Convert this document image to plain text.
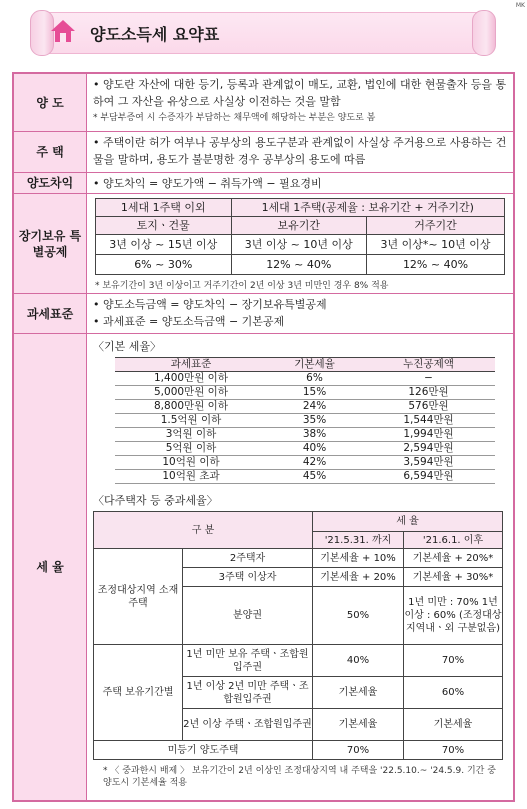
양도소득세 요약표
MK
양 도
• 양도란 자산에 대한 등기, 등록과 관계없이 매도, 교환, 법인에 대한 현물출자 등을 통하여 그 자산을 유상으로 사실상 이전하는 것을 말함
* 부담부증여 시 수증자가 부담하는 채무액에 해당하는 부분은 양도로 봄
주 택
• 주택이란 허가 여부나 공부상의 용도구분과 관계없이 사실상 주거용으로 사용하는 건물을 말하며, 용도가 불분명한 경우 공부상의 용도에 따름
양도차익	• 양도차익 = 양도가액 − 취득가액 − 필요경비
장기보유 특별공제
1세대 1주택 이외	1세대 1주택(공제율 : 보유기간 + 거주기간)	
토지ㆍ건물	보유기간	거주기간
3년 이상 ~ 15년 이상	3년 이상 ~ 10년 이상	3년 이상*~ 10년 이상
6% ~ 30%	12% ~ 40%	12% ~ 40%
* 보유기간이 3년 이상이고 거주기간이 2년 이상 3년 미만인 경우 8% 적용
과세표준
• 양도소득금액 = 양도차익 − 장기보유특별공제
• 과세표준 = 양도소득금액 − 기본공제
세 율
〈기본 세율〉
과세표준	기본세율	누진공제액
1,400만원 이하	6%	−
5,000만원 이하	15%	126만원
8,800만원 이하	24%	576만원
1.5억원 이하	35%	1,544만원
3억원 이하	38%	1,994만원
5억원 이하	40%	2,594만원
10억원 이하	42%	3,594만원
10억원 초과	45%	6,594만원
〈다주택자 등 중과세율〉
구 분		세 율	
		'21.5.31. 까지	'21.6.1. 이후
조정대상지역 소재 주택	2주택자	기본세율 + 10%	기본세율 + 20%*
	3주택 이상자	기본세율 + 20%	기본세율 + 30%*
	분양권	50%	1년 미만 : 70% 1년 이상 : 60% (조정대상지역내ㆍ외 구분없음)
주택 보유기간별	1년 미만 보유 주택ㆍ조합원입주권	40%	70%
	1년 이상 2년 미만 주택ㆍ조합원입주권	기본세율	60%
	2년 이상 주택ㆍ조합원입주권	기본세율	기본세율
미등기 양도주택		70%	70%
* 〈 중과한시 배제 〉 보유기간이 2년 이상인 조정대상지역 내 주택을 '22.5.10.~ '24.5.9. 기간 중 양도시 기본세율 적용
